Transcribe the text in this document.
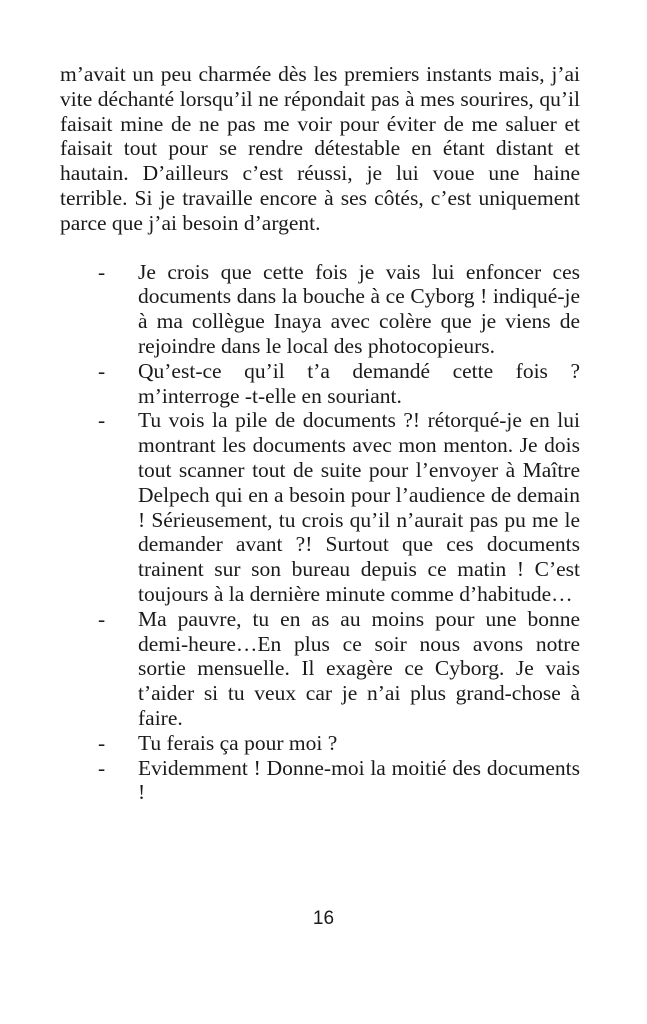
m’avait un peu charmée dès les premiers instants mais, j’ai vite déchanté lorsqu’il ne répondait pas à mes sourires, qu’il faisait mine de ne pas me voir pour éviter de me saluer et faisait tout pour se rendre détestable en étant distant et hautain. D’ailleurs c’est réussi, je lui voue une haine terrible. Si je travaille encore à ses côtés, c’est uniquement parce que j’ai besoin d’argent.

- Je crois que cette fois je vais lui enfoncer ces documents dans la bouche à ce Cyborg ! indiqué-je à ma collègue Inaya avec colère que je viens de rejoindre dans le local des photocopieurs.
- Qu’est-ce qu’il t’a demandé cette fois ? m’interroge -t-elle en souriant.
- Tu vois la pile de documents ?! rétorqué-je en lui montrant les documents avec mon menton. Je dois tout scanner tout de suite pour l’envoyer à Maître Delpech qui en a besoin pour l’audience de demain ! Sérieusement, tu crois qu’il n’aurait pas pu me le demander avant ?! Surtout que ces documents trainent sur son bureau depuis ce matin ! C’est toujours à la dernière minute comme d’habitude…
- Ma pauvre, tu en as au moins pour une bonne demi-heure…En plus ce soir nous avons notre sortie mensuelle. Il exagère ce Cyborg. Je vais t’aider si tu veux car je n’ai plus grand-chose à faire.
- Tu ferais ça pour moi ?
- Evidemment ! Donne-moi la moitié des documents !
16
